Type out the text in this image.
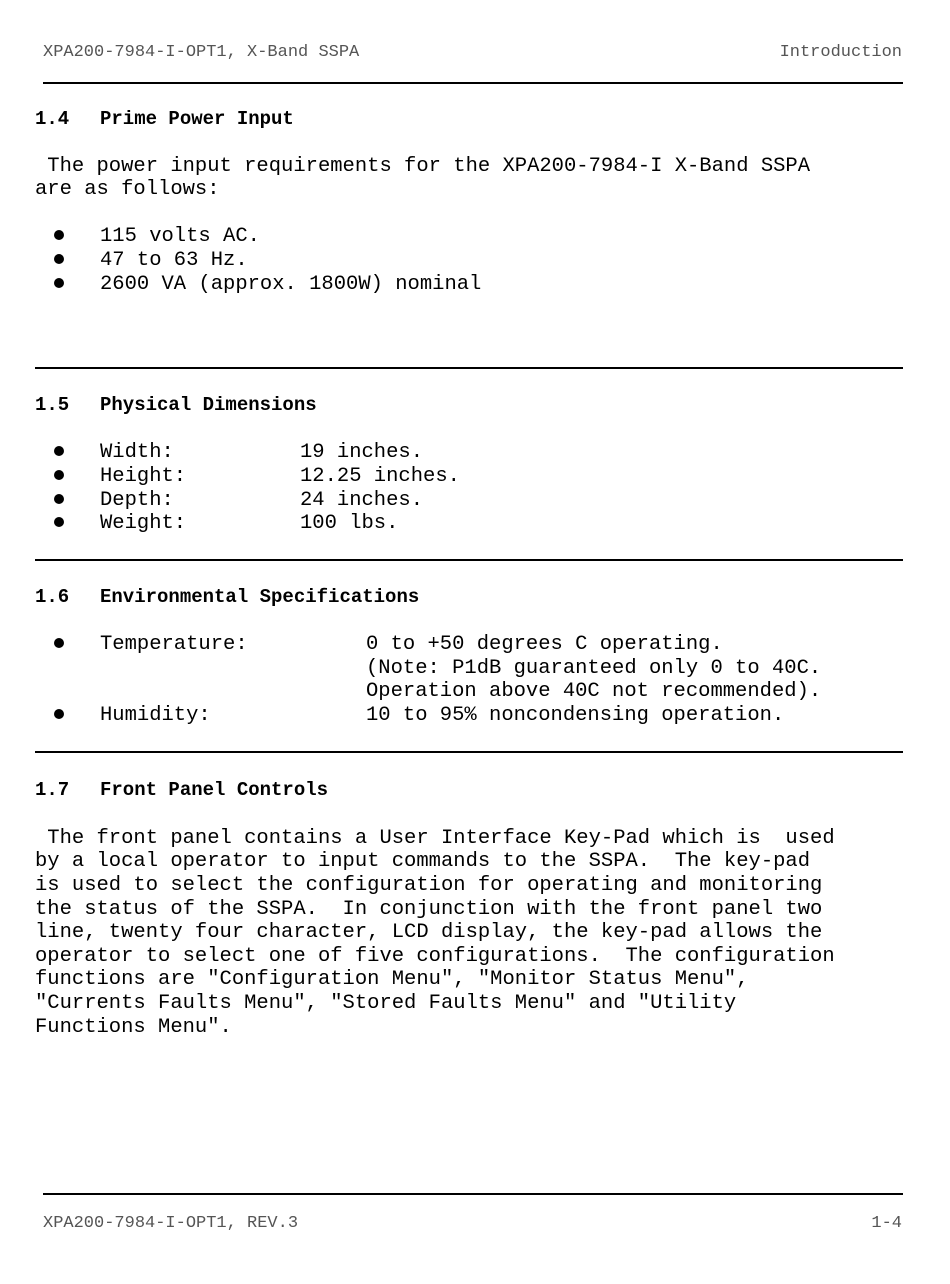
XPA200-7984-I-OPT1, X-Band SSPA	Introduction
1.4 Prime Power Input
The power input requirements for the XPA200-7984-I X-Band SSPA
are as follows:
115 volts AC.
47 to 63 Hz.
2600 VA (approx. 1800W) nominal
1.5 Physical Dimensions
Width:	19 inches.
Height:	12.25 inches.
Depth:	24 inches.
Weight:	100 lbs.
1.6 Environmental Specifications
Temperature:	0 to +50 degrees C operating.
(Note: P1dB guaranteed only 0 to 40C.
Operation above 40C not recommended).
Humidity:	10 to 95% noncondensing operation.
1.7 Front Panel Controls
The front panel contains a User Interface Key-Pad which is  used
by a local operator to input commands to the SSPA.  The key-pad
is used to select the configuration for operating and monitoring
the status of the SSPA.  In conjunction with the front panel two
line, twenty four character, LCD display, the key-pad allows the
operator to select one of five configurations.  The configuration
functions are "Configuration Menu", "Monitor Status Menu",
"Currents Faults Menu", "Stored Faults Menu" and "Utility
Functions Menu".
XPA200-7984-I-OPT1, REV.3	1-4
